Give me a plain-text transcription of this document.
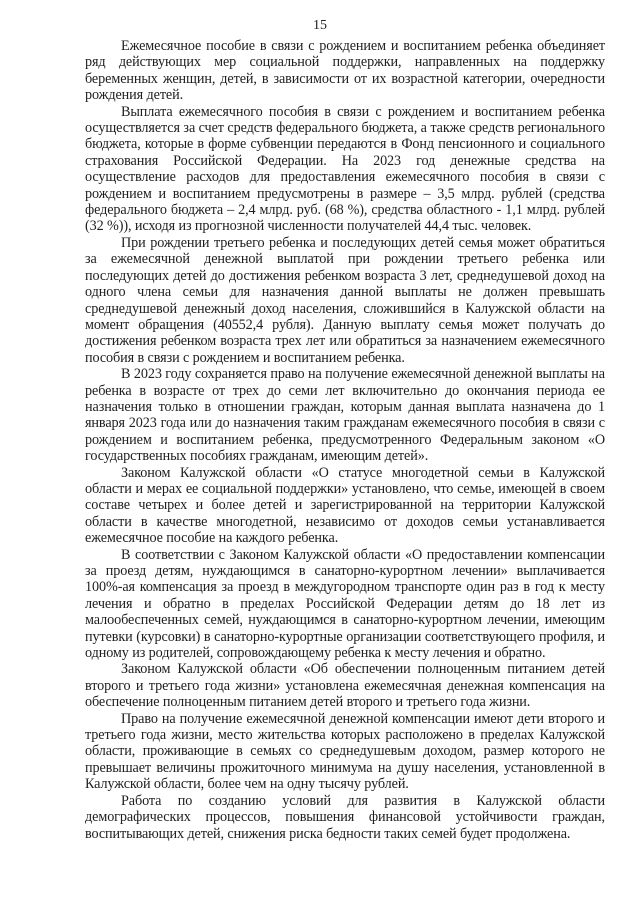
15

Ежемесячное пособие в связи с рождением и воспитанием ребенка объединяет ряд действующих мер социальной поддержки, направленных на поддержку беременных женщин, детей, в зависимости от их возрастной категории, очередности рождения детей.

Выплата ежемесячного пособия в связи с рождением и воспитанием ребенка осуществляется за счет средств федерального бюджета, а также средств регионального бюджета, которые в форме субвенции передаются в Фонд пенсионного и социального страхования Российской Федерации. На 2023 год денежные средства на осуществление расходов для предоставления ежемесячного пособия в связи с рождением и воспитанием предусмотрены в размере – 3,5 млрд. рублей (средства федерального бюджета – 2,4 млрд. руб. (68 %), средства областного - 1,1 млрд. рублей (32 %)), исходя из прогнозной численности получателей 44,4 тыс. человек.

При рождении третьего ребенка и последующих детей семья может обратиться за ежемесячной денежной выплатой при рождении третьего ребенка или последующих детей до достижения ребенком возраста 3 лет, среднедушевой доход на одного члена семьи для назначения данной выплаты не должен превышать среднедушевой денежный доход населения, сложившийся в Калужской области на момент обращения (40552,4 рубля). Данную выплату семья может получать до достижения ребенком возраста трех лет или обратиться за назначением ежемесячного пособия в связи с рождением и воспитанием ребенка.

В 2023 году сохраняется право на получение ежемесячной денежной выплаты на ребенка в возрасте от трех до семи лет включительно до окончания периода ее назначения только в отношении граждан, которым данная выплата назначена до 1 января 2023 года или до назначения таким гражданам ежемесячного пособия в связи с рождением и воспитанием ребенка, предусмотренного Федеральным законом «О государственных пособиях гражданам, имеющим детей».

Законом Калужской области «О статусе многодетной семьи в Калужской области и мерах ее социальной поддержки» установлено, что семье, имеющей в своем составе четырех и более детей и зарегистрированной на территории Калужской области в качестве многодетной, независимо от доходов семьи устанавливается ежемесячное пособие на каждого ребенка.

В соответствии с Законом Калужской области «О предоставлении компенсации за проезд детям, нуждающимся в санаторно-курортном лечении» выплачивается 100%-ая компенсация за проезд в междугородном транспорте один раз в год к месту лечения и обратно в пределах Российской Федерации детям до 18 лет из малообеспеченных семей, нуждающимся в санаторно-курортном лечении, имеющим путевки (курсовки) в санаторно-курортные организации соответствующего профиля, и одному из родителей, сопровождающему ребенка к месту лечения и обратно.

Законом Калужской области «Об обеспечении полноценным питанием детей второго и третьего года жизни» установлена ежемесячная денежная компенсация на обеспечение полноценным питанием детей второго и третьего года жизни.

Право на получение ежемесячной денежной компенсации имеют дети второго и третьего года жизни, место жительства которых расположено в пределах Калужской области, проживающие в семьях со среднедушевым доходом, размер которого не превышает величины прожиточного минимума на душу населения, установленной в Калужской области, более чем на одну тысячу рублей.

Работа по созданию условий для развития в Калужской области демографических процессов, повышения финансовой устойчивости граждан, воспитывающих детей, снижения риска бедности таких семей будет продолжена.
